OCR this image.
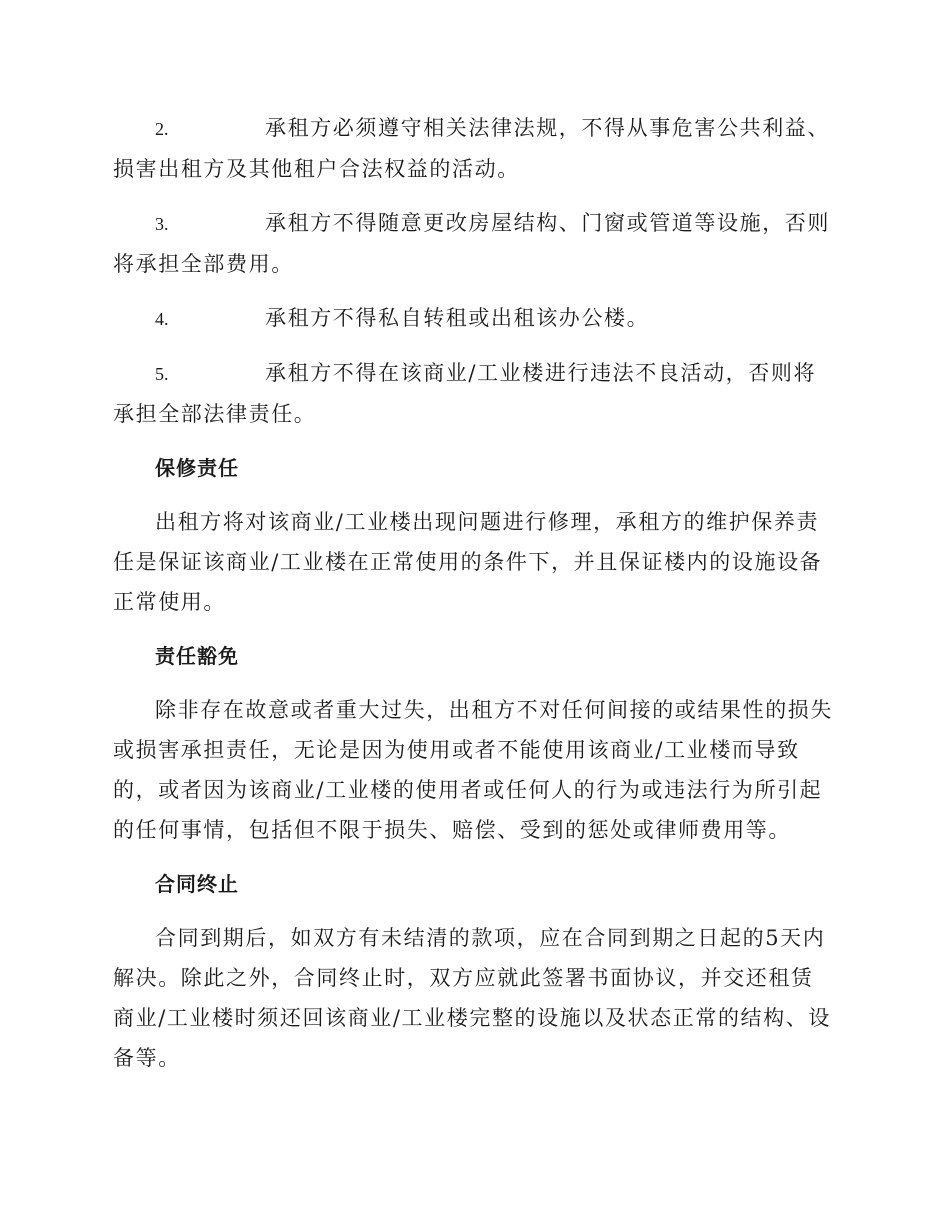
2.	承租方必须遵守相关法律法规，不得从事危害公共利益、损害出租方及其他租户合法权益的活动。

3.	承租方不得随意更改房屋结构、门窗或管道等设施，否则将承担全部费用。

4.	承租方不得私自转租或出租该办公楼。

5.	承租方不得在该商业/工业楼进行违法不良活动，否则将承担全部法律责任。

保修责任

出租方将对该商业/工业楼出现问题进行修理，承租方的维护保养责任是保证该商业/工业楼在正常使用的条件下，并且保证楼内的设施设备正常使用。

责任豁免

除非存在故意或者重大过失，出租方不对任何间接的或结果性的损失或损害承担责任，无论是因为使用或者不能使用该商业/工业楼而导致的，或者因为该商业/工业楼的使用者或任何人的行为或违法行为所引起的任何事情，包括但不限于损失、赔偿、受到的惩处或律师费用等。

合同终止

合同到期后，如双方有未结清的款项，应在合同到期之日起的5天内解决。除此之外，合同终止时，双方应就此签署书面协议，并交还租赁商业/工业楼时须还回该商业/工业楼完整的设施以及状态正常的结构、设备等。
